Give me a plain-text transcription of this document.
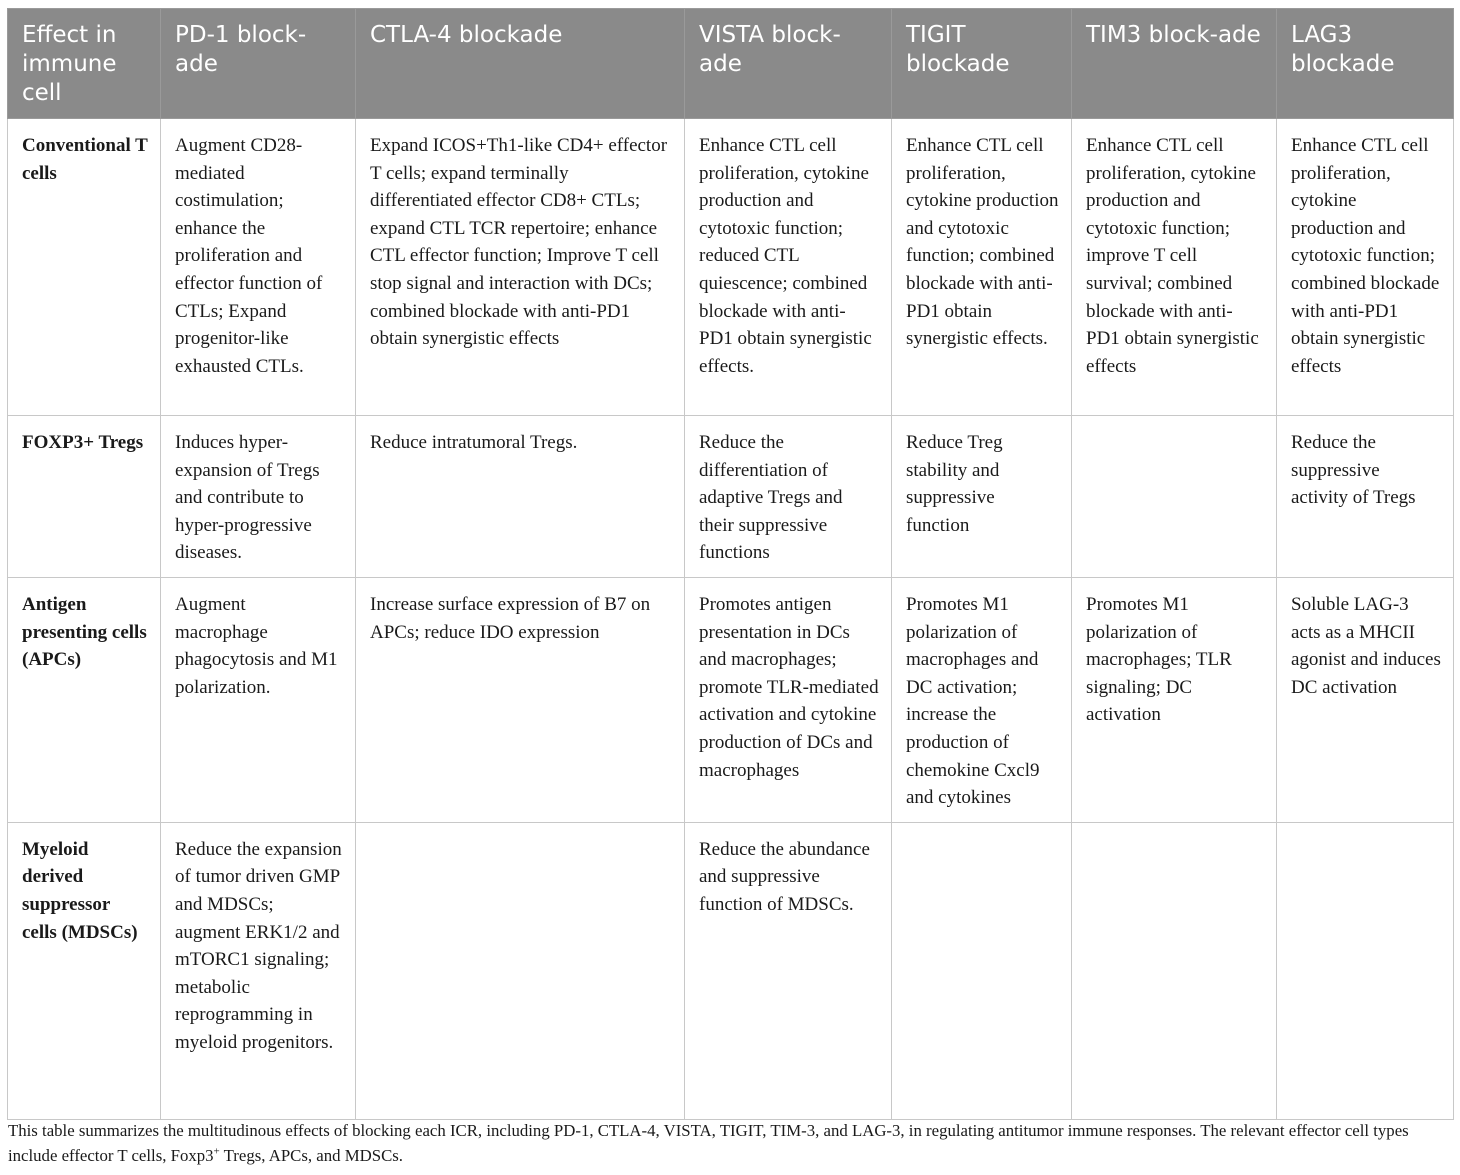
Effect in immune cell	PD-1 block-ade	CTLA-4 blockade	VISTA block-ade	TIGIT blockade	TIM3 block-ade	LAG3 blockade
Conventional T cells	Augment CD28-mediated costimulation; enhance the proliferation and effector function of CTLs; Expand progenitor-like exhausted CTLs.	Expand ICOS+Th1-like CD4+ effector T cells; expand terminally differentiated effector CD8+ CTLs; expand CTL TCR repertoire; enhance CTL effector function; Improve T cell stop signal and interaction with DCs; combined blockade with anti-PD1 obtain synergistic effects	Enhance CTL cell proliferation, cytokine production and cytotoxic function; reduced CTL quiescence; combined blockade with anti-PD1 obtain synergistic effects.	Enhance CTL cell proliferation, cytokine production and cytotoxic function; combined blockade with anti-PD1 obtain synergistic effects.	Enhance CTL cell proliferation, cytokine production and cytotoxic function; improve T cell survival; combined blockade with anti-PD1 obtain synergistic effects	Enhance CTL cell proliferation, cytokine production and cytotoxic function; combined blockade with anti-PD1 obtain synergistic effects
FOXP3+ Tregs	Induces hyper-expansion of Tregs and contribute to hyper-progressive diseases.	Reduce intratumoral Tregs.	Reduce the differentiation of adaptive Tregs and their suppressive functions	Reduce Treg stability and suppressive function		Reduce the suppressive activity of Tregs
Antigen presenting cells (APCs)	Augment macrophage phagocytosis and M1 polarization.	Increase surface expression of B7 on APCs; reduce IDO expression	Promotes antigen presentation in DCs and macrophages; promote TLR-mediated activation and cytokine production of DCs and macrophages	Promotes M1 polarization of macrophages and DC activation; increase the production of chemokine Cxcl9 and cytokines	Promotes M1 polarization of macrophages; TLR signaling; DC activation	Soluble LAG-3 acts as a MHCII agonist and induces DC activation
Myeloid derived suppressor cells (MDSCs)	Reduce the expansion of tumor driven GMP and MDSCs; augment ERK1/2 and mTORC1 signaling; metabolic reprogramming in myeloid progenitors.		Reduce the abundance and suppressive function of MDSCs.			

This table summarizes the multitudinous effects of blocking each ICR, including PD-1, CTLA-4, VISTA, TIGIT, TIM-3, and LAG-3, in regulating antitumor immune responses. The relevant effector cell types include effector T cells, Foxp3+ Tregs, APCs, and MDSCs.
